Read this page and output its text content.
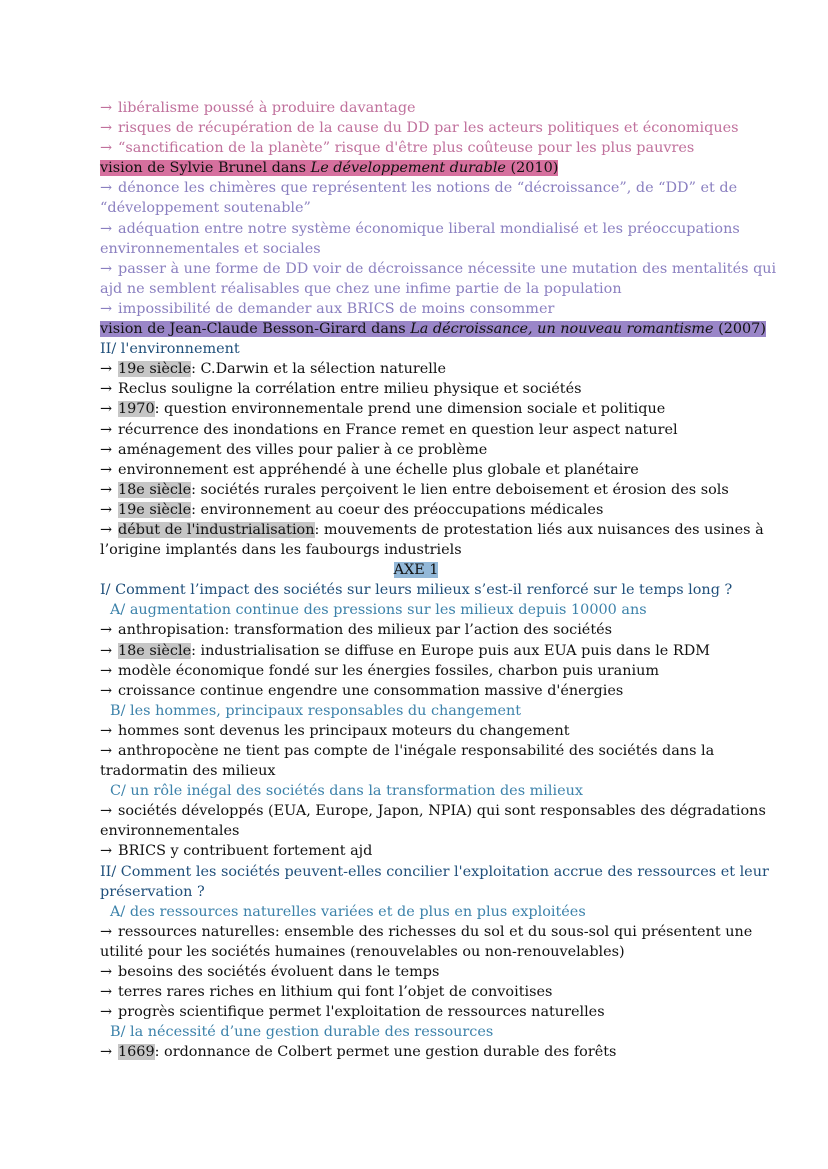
→ libéralisme poussé à produire davantage
→ risques de récupération de la cause du DD par les acteurs politiques et économiques
→ “sanctification de la planète” risque d'être plus coûteuse pour les plus pauvres
vision de Sylvie Brunel dans Le développement durable (2010)
→ dénonce les chimères que représentent les notions de “décroissance”, de “DD” et de
“développement soutenable”
→ adéquation entre notre système économique liberal mondialisé et les préoccupations
environnementales et sociales
→ passer à une forme de DD voir de décroissance nécessite une mutation des mentalités qui
ajd ne semblent réalisables que chez une infime partie de la population
→ impossibilité de demander aux BRICS de moins consommer
vision de Jean-Claude Besson-Girard dans La décroissance, un nouveau romantisme (2007)
II/ l'environnement
→ 19e siècle: C.Darwin et la sélection naturelle
→ Reclus souligne la corrélation entre milieu physique et sociétés
→ 1970: question environnementale prend une dimension sociale et politique
→ récurrence des inondations en France remet en question leur aspect naturel
→ aménagement des villes pour palier à ce problème
→ environnement est appréhendé à une échelle plus globale et planétaire
→ 18e siècle: sociétés rurales perçoivent le lien entre deboisement et érosion des sols
→ 19e siècle: environnement au coeur des préoccupations médicales
→ début de l'industrialisation: mouvements de protestation liés aux nuisances des usines à
l’origine implantés dans les faubourgs industriels
AXE 1
I/ Comment l’impact des sociétés sur leurs milieux s’est-il renforcé sur le temps long ?
A/ augmentation continue des pressions sur les milieux depuis 10000 ans
→ anthropisation: transformation des milieux par l’action des sociétés
→ 18e siècle: industrialisation se diffuse en Europe puis aux EUA puis dans le RDM
→ modèle économique fondé sur les énergies fossiles, charbon puis uranium
→ croissance continue engendre une consommation massive d'énergies
B/ les hommes, principaux responsables du changement
→ hommes sont devenus les principaux moteurs du changement
→ anthropocène ne tient pas compte de l'inégale responsabilité des sociétés dans la
tradormatin des milieux
C/ un rôle inégal des sociétés dans la transformation des milieux
→ sociétés développés (EUA, Europe, Japon, NPIA) qui sont responsables des dégradations
environnementales
→ BRICS y contribuent fortement ajd
II/ Comment les sociétés peuvent-elles concilier l'exploitation accrue des ressources et leur
préservation ?
A/ des ressources naturelles variées et de plus en plus exploitées
→ ressources naturelles: ensemble des richesses du sol et du sous-sol qui présentent une
utilité pour les sociétés humaines (renouvelables ou non-renouvelables)
→ besoins des sociétés évoluent dans le temps
→ terres rares riches en lithium qui font l’objet de convoitises
→ progrès scientifique permet l'exploitation de ressources naturelles
B/ la nécessité d’une gestion durable des ressources
→ 1669: ordonnance de Colbert permet une gestion durable des forêts
